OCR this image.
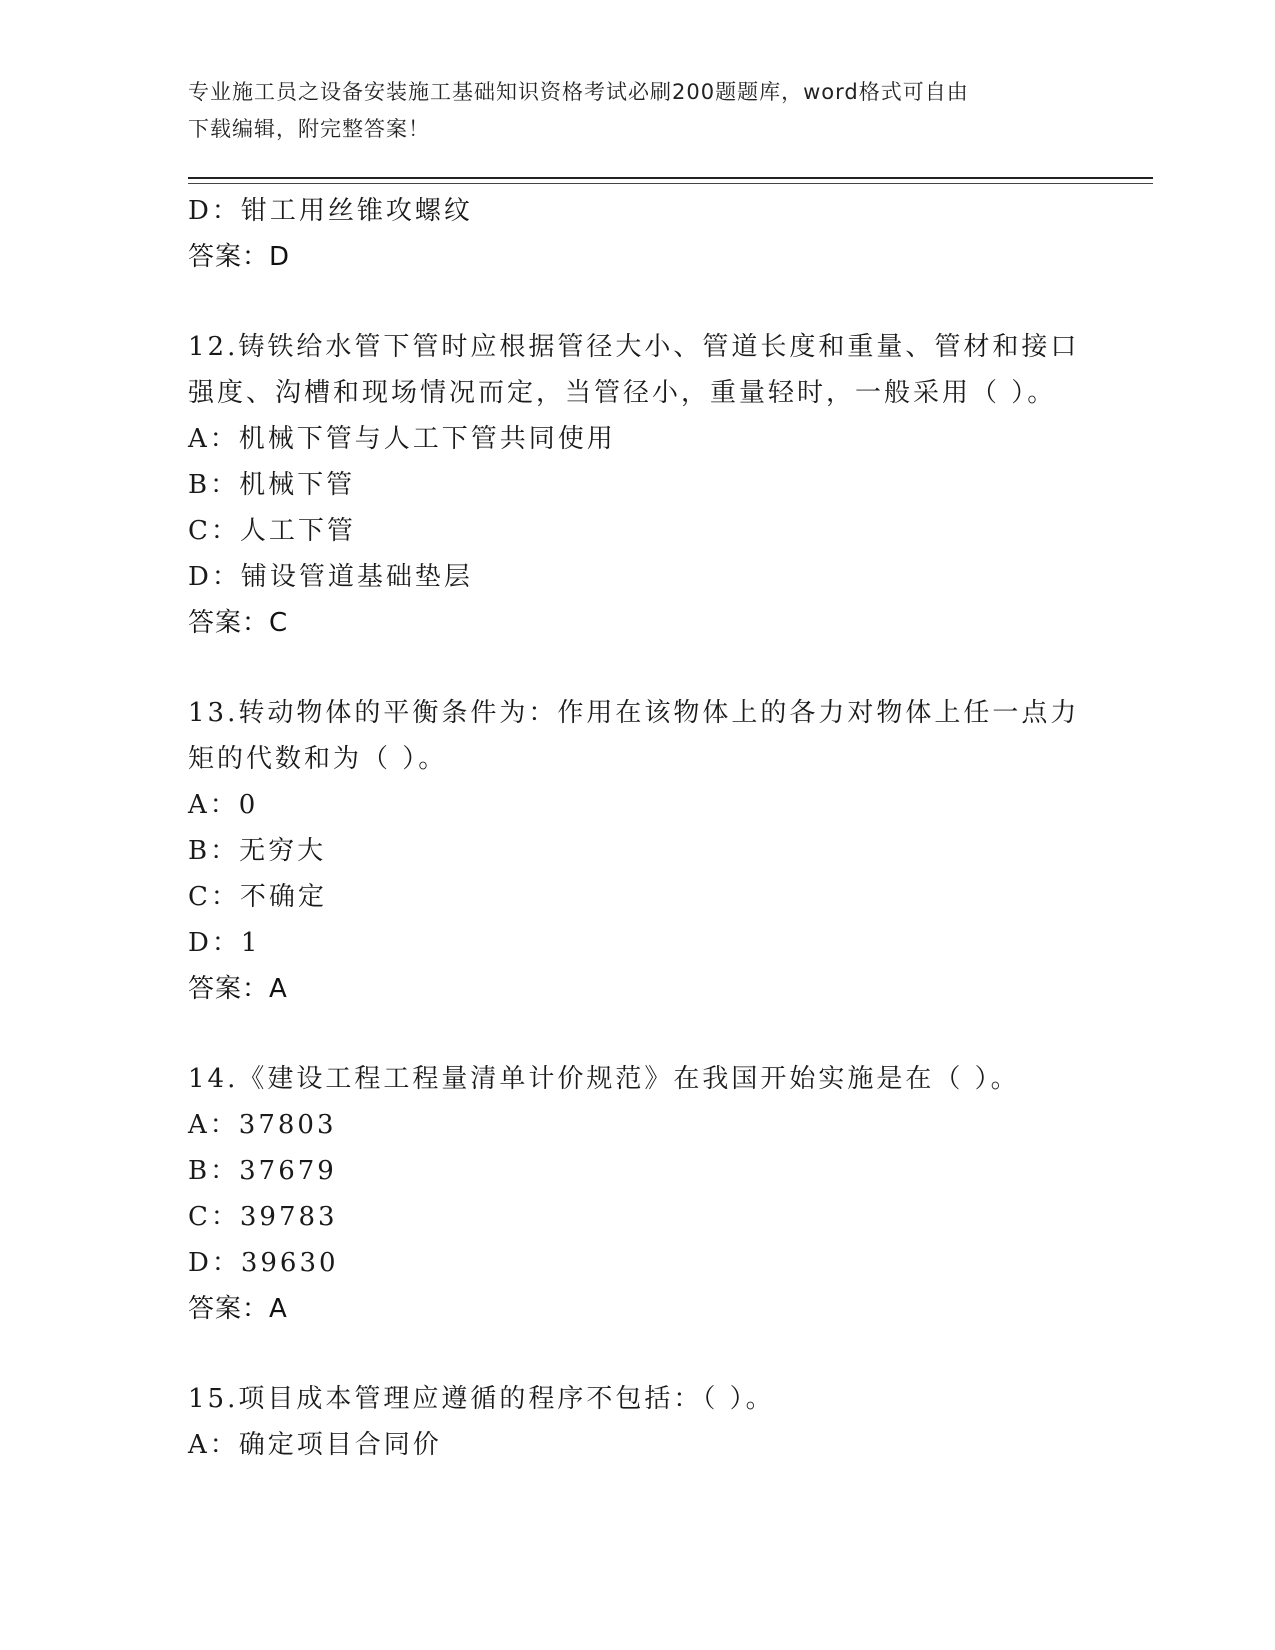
专业施工员之设备安装施工基础知识资格考试必刷200题题库，word格式可自由
下载编辑，附完整答案！
D：钳工用丝锥攻螺纹
答案：D
12.铸铁给水管下管时应根据管径大小、管道长度和重量、管材和接口
强度、沟槽和现场情况而定，当管径小，重量轻时，一般采用（ ）。
A：机械下管与人工下管共同使用
B：机械下管
C：人工下管
D：铺设管道基础垫层
答案：C
13.转动物体的平衡条件为：作用在该物体上的各力对物体上任一点力
矩的代数和为（ ）。
A：0
B：无穷大
C：不确定
D：1
答案：A
14.《建设工程工程量清单计价规范》在我国开始实施是在（ ）。
A：37803
B：37679
C：39783
D：39630
答案：A
15.项目成本管理应遵循的程序不包括：（ ）。
A：确定项目合同价
